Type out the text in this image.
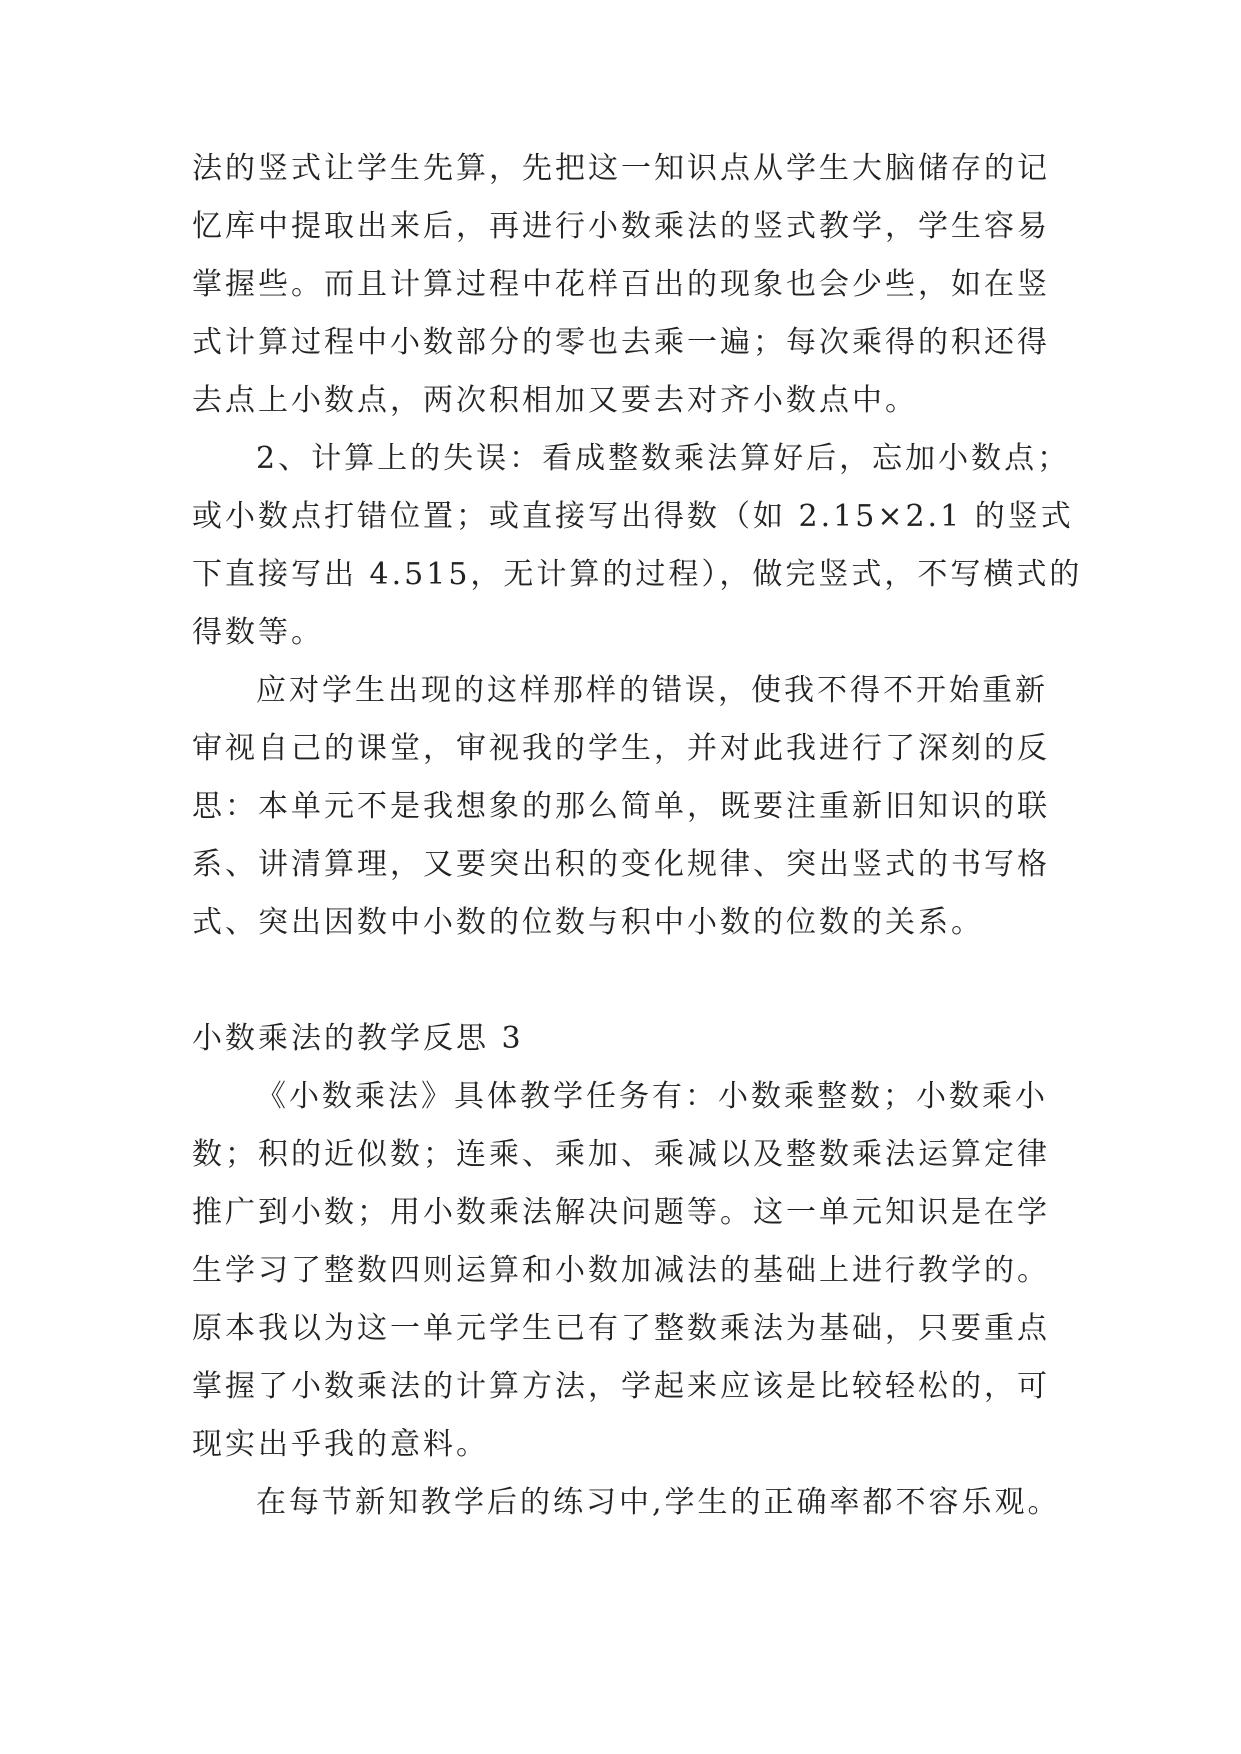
法的竖式让学生先算，先把这一知识点从学生大脑储存的记
忆库中提取出来后，再进行小数乘法的竖式教学，学生容易
掌握些。而且计算过程中花样百出的现象也会少些，如在竖
式计算过程中小数部分的零也去乘一遍；每次乘得的积还得
去点上小数点，两次积相加又要去对齐小数点中。
2、计算上的失误：看成整数乘法算好后，忘加小数点；
或小数点打错位置；或直接写出得数（如 2.15×2.1 的竖式
下直接写出 4.515，无计算的过程），做完竖式，不写横式的
得数等。
应对学生出现的这样那样的错误，使我不得不开始重新
审视自己的课堂，审视我的学生，并对此我进行了深刻的反
思：本单元不是我想象的那么简单，既要注重新旧知识的联
系、讲清算理，又要突出积的变化规律、突出竖式的书写格
式、突出因数中小数的位数与积中小数的位数的关系。
小数乘法的教学反思 3
《小数乘法》具体教学任务有：小数乘整数；小数乘小
数；积的近似数；连乘、乘加、乘减以及整数乘法运算定律
推广到小数；用小数乘法解决问题等。这一单元知识是在学
生学习了整数四则运算和小数加减法的基础上进行教学的。
原本我以为这一单元学生已有了整数乘法为基础，只要重点
掌握了小数乘法的计算方法，学起来应该是比较轻松的，可
现实出乎我的意料。
在每节新知教学后的练习中,学生的正确率都不容乐观。
